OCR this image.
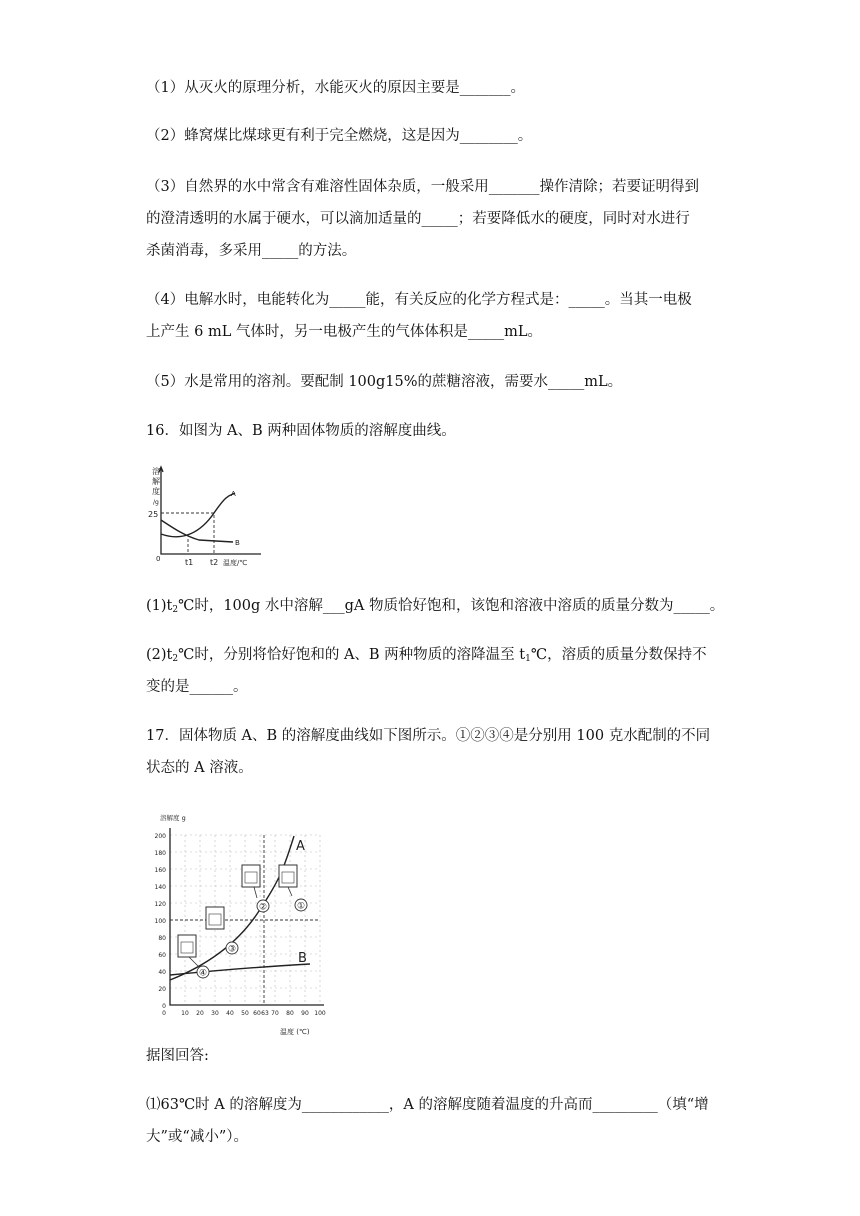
（1）从灭火的原理分析，水能灭火的原因主要是_______。
（2）蜂窝煤比煤球更有利于完全燃烧，这是因为________。
（3）自然界的水中常含有难溶性固体杂质，一般采用_______操作清除；若要证明得到
的澄清透明的水属于硬水，可以滴加适量的_____；若要降低水的硬度，同时对水进行
杀菌消毒，多采用_____的方法。
（4）电解水时，电能转化为_____能，有关反应的化学方程式是：_____。当其一电极
上产生 6 mL 气体时，另一电极产生的气体体积是_____mL。
（5）水是常用的溶剂。要配制 100g15%的蔗糖溶液，需要水_____mL。
16．如图为 A、B 两种固体物质的溶解度曲线。
溶
解
度
/g
25
0
A
B
t1 t2 温度/℃
$(1)t_2℃$时，100g 水中溶解___gA 物质恰好饱和，该饱和溶液中溶质的质量分数为_____。
$(2)t_2℃$时，分别将恰好饱和的 A、B 两种物质的溶降温至 $t_1℃$，溶质的质量分数保持不
变的是______。
17．固体物质 A、B 的溶解度曲线如下图所示。①②③④是分别用 100 克水配制的不同
状态的 A 溶液。
溶解度 g
0
20
40
60
80
100
120
140
160
180
200
0	10 20 30 40 50 60 63 70 80 90 100
A
B
①
②
③
④
温度 (℃)
据图回答:
⑴63℃时 A 的溶解度为____________，A 的溶解度随着温度的升高而_________（填“增
大”或“减小”）。
